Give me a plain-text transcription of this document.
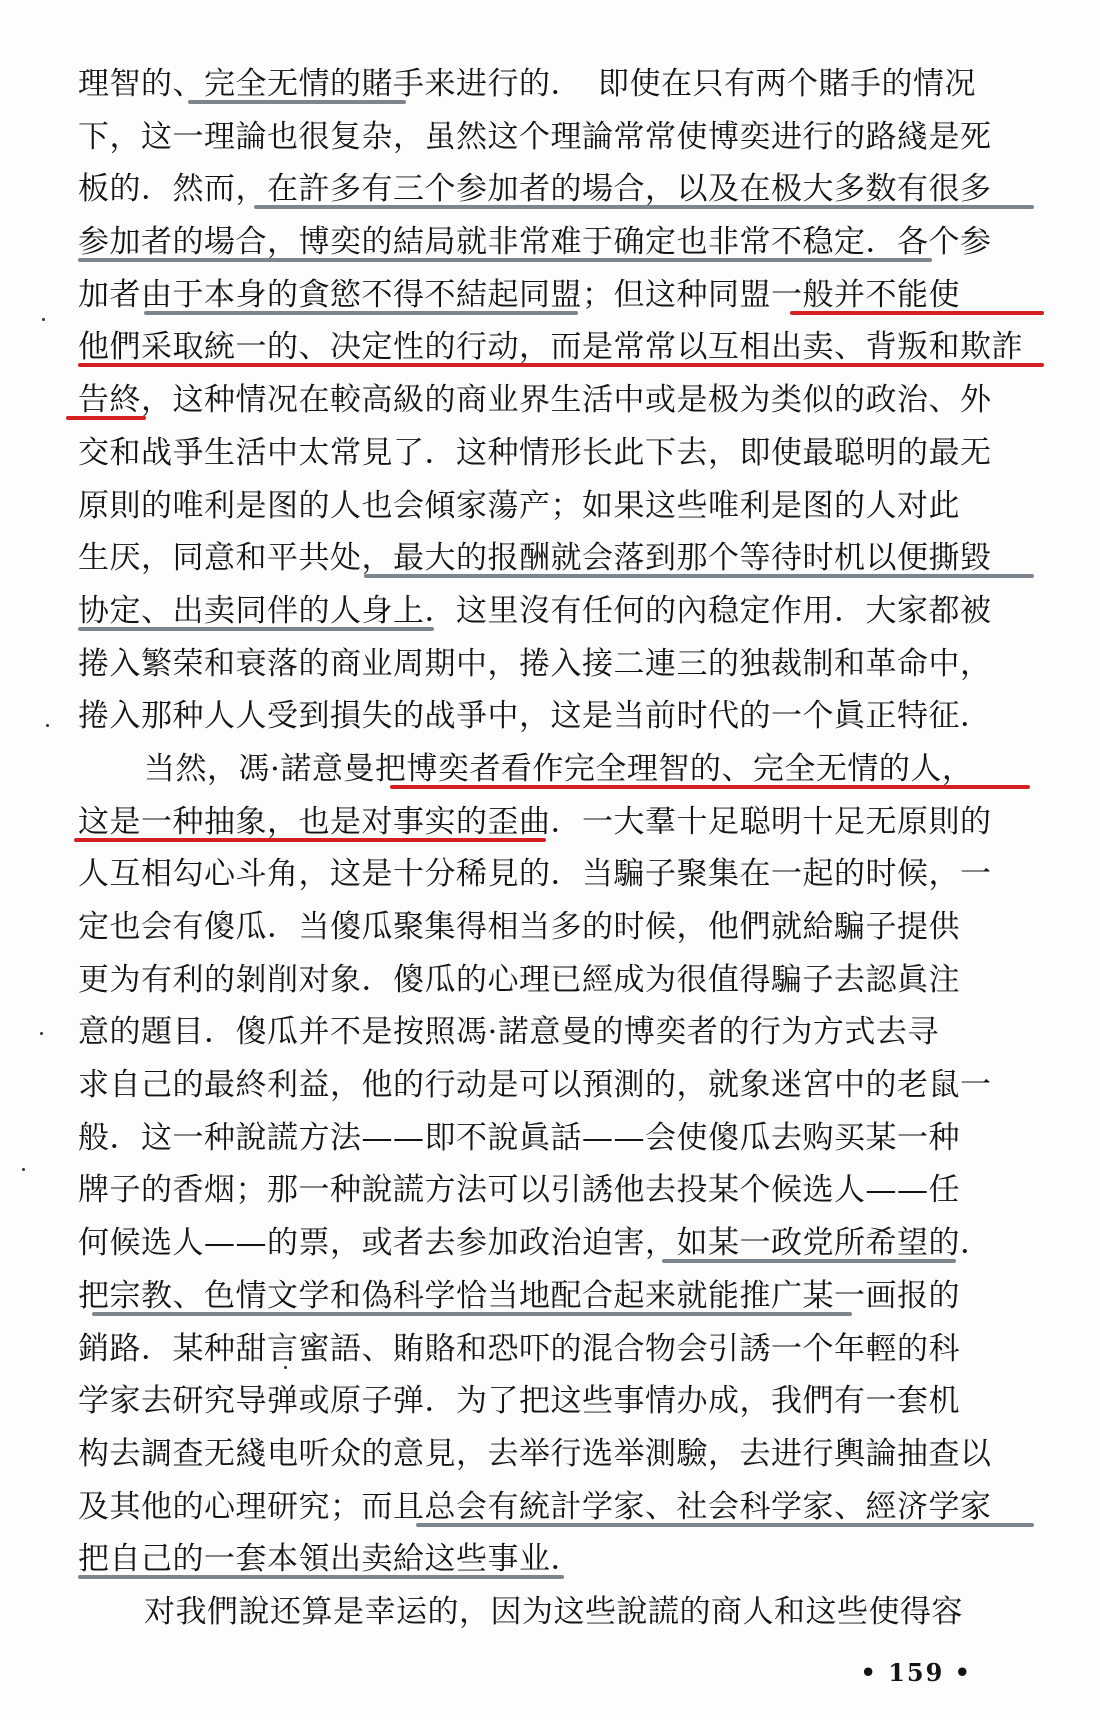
理智的、完全无情的賭手来进行的．　即使在只有两个賭手的情况
下，这一理論也很复杂，虽然这个理論常常使博奕进行的路綫是死
板的．然而，在許多有三个参加者的場合，以及在极大多数有很多
参加者的場合，博奕的結局就非常难于确定也非常不稳定．各个参
加者由于本身的貪慾不得不結起同盟；但这种同盟一般并不能使
他們采取統一的、决定性的行动，而是常常以互相出卖、背叛和欺詐
告終，这种情况在較高級的商业界生活中或是极为类似的政治、外
交和战爭生活中太常見了．这种情形长此下去，即使最聪明的最无
原則的唯利是图的人也会傾家蕩产；如果这些唯利是图的人对此
生厌，同意和平共处，最大的报酬就会落到那个等待时机以便撕毀
协定、出卖同伴的人身上．这里沒有任何的內稳定作用．大家都被
捲入繁荣和衰落的商业周期中，捲入接二連三的独裁制和革命中，
捲入那种人人受到損失的战爭中，这是当前时代的一个眞正特征．
当然，馮·諾意曼把博奕者看作完全理智的、完全无情的人，
这是一种抽象，也是对事实的歪曲．一大羣十足聪明十足无原則的
人互相勾心斗角，这是十分稀見的．当騙子聚集在一起的时候，一
定也会有傻瓜．当傻瓜聚集得相当多的时候，他們就給騙子提供
更为有利的剝削对象．傻瓜的心理已經成为很值得騙子去認眞注
意的題目．傻瓜并不是按照馮·諾意曼的博奕者的行为方式去寻
求自己的最終利益，他的行动是可以預測的，就象迷宮中的老鼠一
般．这一种說謊方法——即不說眞話——会使傻瓜去购买某一种
牌子的香烟；那一种說謊方法可以引誘他去投某个候选人——任
何候选人——的票，或者去参加政治迫害，如某一政党所希望的．
把宗教、色情文学和偽科学恰当地配合起来就能推广某一画报的
銷路．某种甜言蜜語、賄賂和恐吓的混合物会引誘一个年輕的科
学家去研究导弹或原子弹．为了把这些事情办成，我們有一套机
构去調查无綫电听众的意見，去举行选举測驗，去进行輿論抽查以
及其他的心理研究；而且总会有統計学家、社会科学家、經济学家
把自己的一套本領出卖給这些事业．
对我們說还算是幸运的，因为这些說謊的商人和这些使得容
• 159 •
